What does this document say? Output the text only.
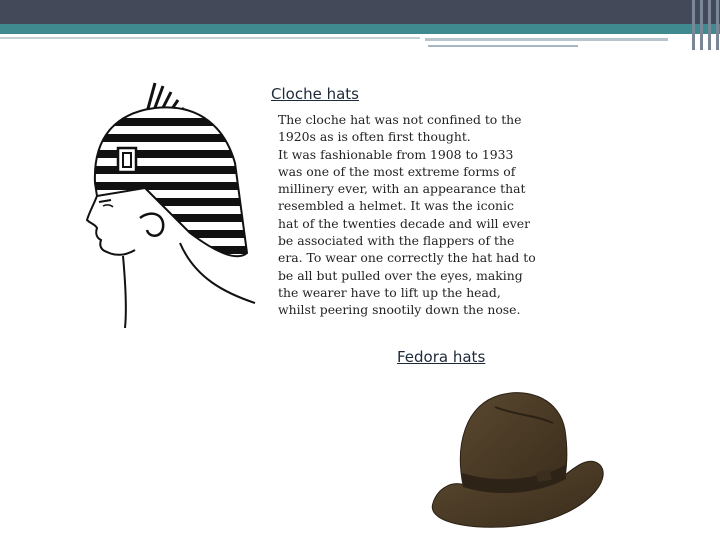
Cloche hats

The cloche hat was not confined to the 1920s as is often first thought.

It was fashionable from 1908 to 1933 was one of the most extreme forms of millinery ever, with an appearance that resembled a helmet. It was the iconic hat of the twenties decade and will ever be associated with the flappers of the era. To wear one correctly the hat had to be all but pulled over the eyes, making the wearer have to lift up the head, whilst peering snootily down the nose.

Fedora hats
